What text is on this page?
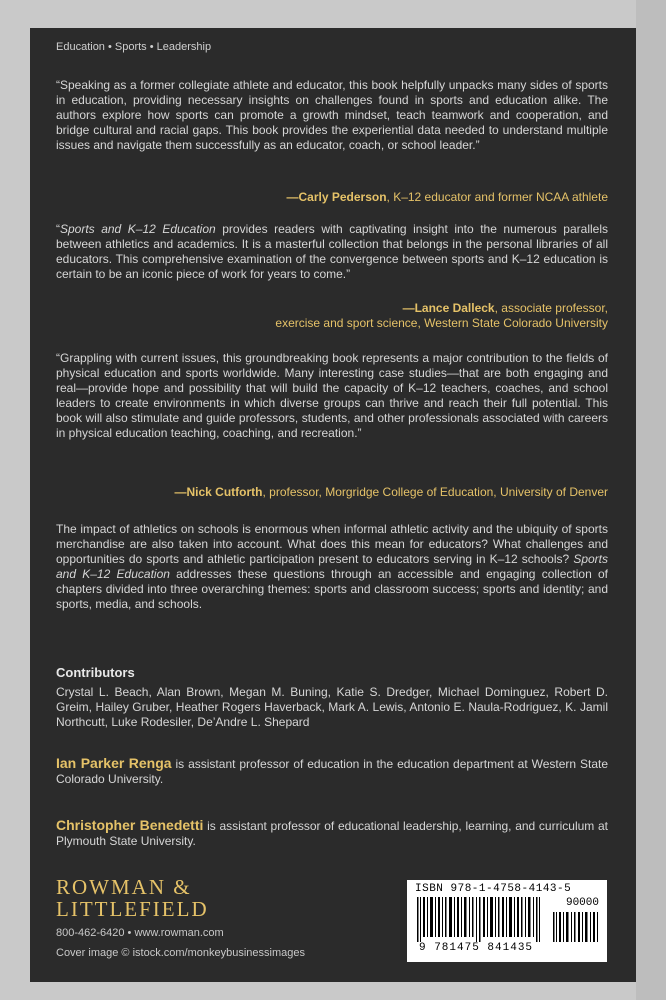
Education • Sports • Leadership
“Speaking as a former collegiate athlete and educator, this book helpfully unpacks many sides of sports in education, providing necessary insights on challenges found in sports and education alike. The authors explore how sports can promote a growth mindset, teach teamwork and cooperation, and bridge cultural and racial gaps. This book provides the experiential data needed to understand multiple issues and navigate them successfully as an educator, coach, or school leader.”
—Carly Pederson, K–12 educator and former NCAA athlete
“Sports and K–12 Education provides readers with captivating insight into the numerous parallels between athletics and academics. It is a masterful collection that belongs in the personal libraries of all educators. This comprehensive examination of the convergence between sports and K–12 education is certain to be an iconic piece of work for years to come.”
—Lance Dalleck, associate professor,
exercise and sport science, Western State Colorado University
“Grappling with current issues, this groundbreaking book represents a major contribution to the fields of physical education and sports worldwide. Many interesting case studies—that are both engaging and real—provide hope and possibility that will build the capacity of K–12 teachers, coaches, and school leaders to create environments in which diverse groups can thrive and reach their full potential. This book will also stimulate and guide professors, students, and other professionals associated with careers in physical education teaching, coaching, and recreation.”
—Nick Cutforth, professor, Morgridge College of Education, University of Denver
The impact of athletics on schools is enormous when informal athletic activity and the ubiquity of sports merchandise are also taken into account. What does this mean for educators? What challenges and opportunities do sports and athletic participation present to educators serving in K–12 schools? Sports and K–12 Education addresses these questions through an accessible and engaging collection of chapters divided into three overarching themes: sports and classroom success; sports and identity; and sports, media, and schools.
Contributors
Crystal L. Beach, Alan Brown, Megan M. Buning, Katie S. Dredger, Michael Dominguez, Robert D. Greim, Hailey Gruber, Heather Rogers Haverback, Mark A. Lewis, Antonio E. Naula-Rodriguez, K. Jamil Northcutt, Luke Rodesiler, De’Andre L. Shepard
Ian Parker Renga is assistant professor of education in the education department at Western State Colorado University.
Christopher Benedetti is assistant professor of educational leadership, learning, and curriculum at Plymouth State University.
ROWMAN &
LITTLEFIELD
800-462-6420 • www.rowman.com
Cover image © istock.com/monkeybusinessimages
ISBN 978-1-4758-4143-5
90000
9 781475 841435
